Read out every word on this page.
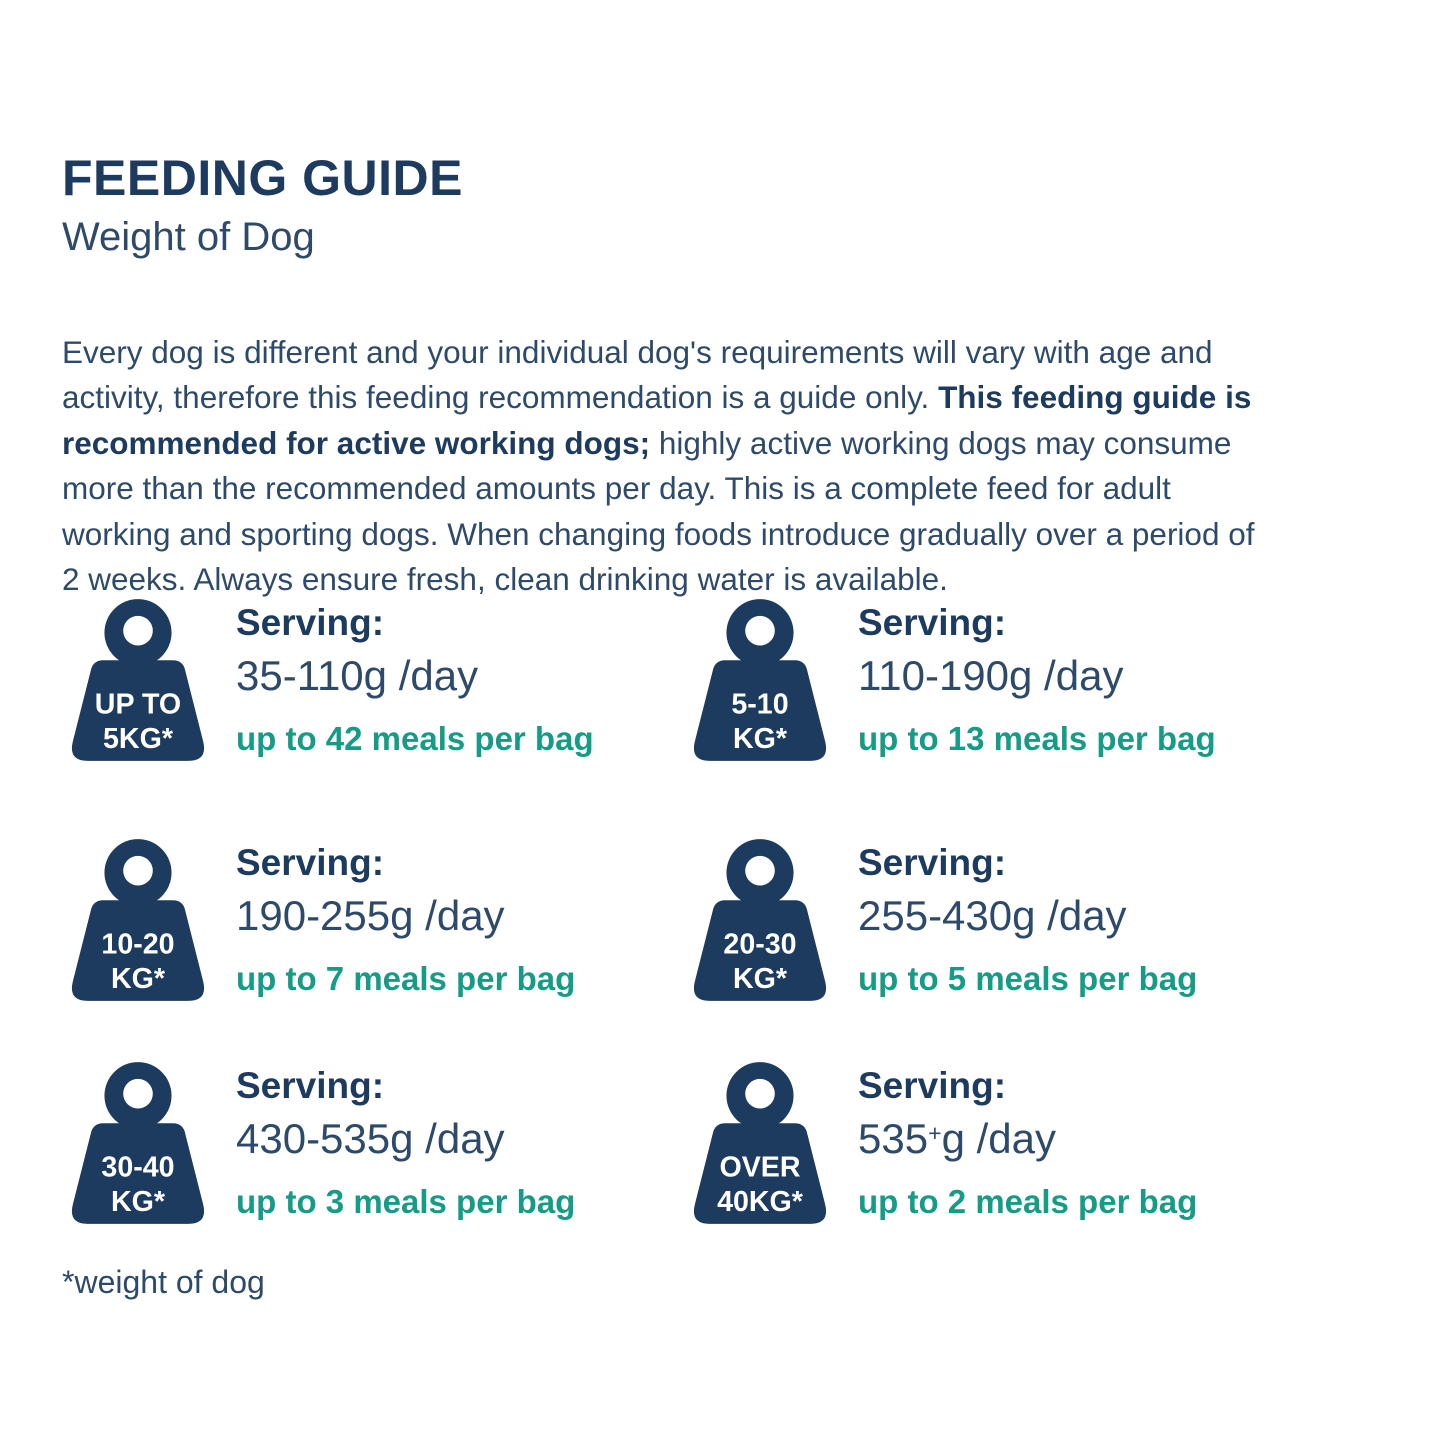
FEEDING GUIDE
Weight of Dog

Every dog is different and your individual dog's requirements will vary with age and activity, therefore this feeding recommendation is a guide only. This feeding guide is recommended for active working dogs; highly active working dogs may consume more than the recommended amounts per day. This is a complete feed for adult working and sporting dogs. When changing foods introduce gradually over a period of 2 weeks. Always ensure fresh, clean drinking water is available.

UP TO
5KG*
Serving:
35-110g /day
up to 42 meals per bag
5-10
KG*
Serving:
110-190g /day
up to 13 meals per bag
10-20
KG*
Serving:
190-255g /day
up to 7 meals per bag
20-30
KG*
Serving:
255-430g /day
up to 5 meals per bag
30-40
KG*
Serving:
430-535g /day
up to 3 meals per bag
OVER
40KG*
Serving:
535+g /day
up to 2 meals per bag
*weight of dog
